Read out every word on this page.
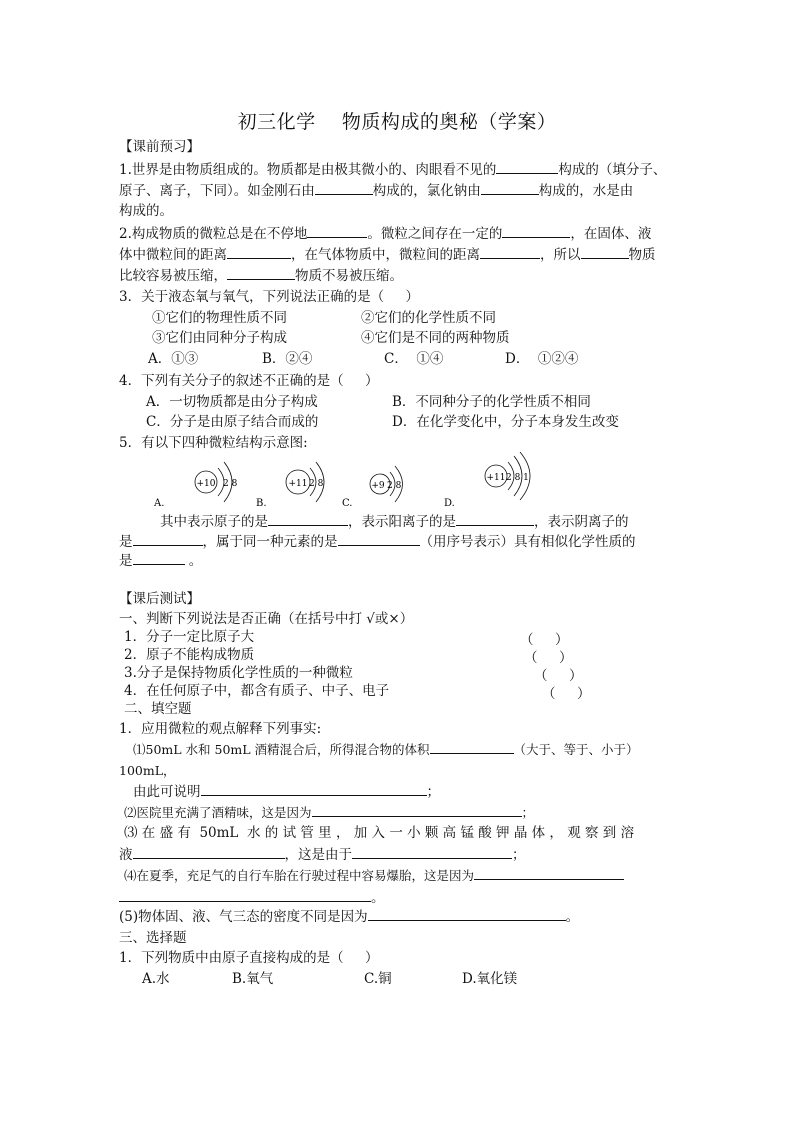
初三化学    物质构成的奥秘（学案）
【课前预习】
1.世界是由物质组成的。物质都是由极其微小的、肉眼看不见的	构成的（填分子、
原子、离子，下同）。如金刚石由	构成的，氯化钠由	构成的，水是由
构成的。
2.构成物质的微粒总是在不停地	。微粒之间存在一定的	，在固体、液
体中微粒间的距离	，在气体物质中，微粒间的距离	，所以	物质
比较容易被压缩，	物质不易被压缩。
3．关于液态氧与氧气，下列说法正确的是（     ）
①它们的物理性质不同	②它们的化学性质不同
③它们由同种分子构成	④它们是不同的两种物质
A．①③	B．②④	C．  ①④	D．  ①②④
4．下列有关分子的叙述不正确的是（     ）
A．一切物质都是由分子构成	B．不同种分子的化学性质不相同
C．分子是由原子结合而成的	D．在化学变化中，分子本身发生改变
5．有以下四种微粒结构示意图:
+10 2 8
A.
+11 2 8
B.
+9 2 8
C.
+11 2 8 1
D.
其中表示原子的是	，表示阳离子的是	，表示阴离子的
是	，属于同一种元素的是	（用序号表示）具有相似化学性质的
是	。
【课后测试】
一、判断下列说法是否正确（在括号中打 √或×）
1．分子一定比原子大	（     ）
2．原子不能构成物质	（     ）
3.分子是保持物质化学性质的一种微粒	（     ）
4．在任何原子中，都含有质子、中子、电子	（     ）
二、填空题
1．应用微粒的观点解释下列事实:
⑴50mL 水和 50mL 酒精混合后，所得混合物的体积	（大于、等于、小于）
100mL，
由此可说明	；
⑵医院里充满了酒精味，这是因为	；
⑶ 在 盛 有  50mL  水 的 试 管 里 ， 加 入 一 小 颗 高 锰 酸 钾 晶 体 ， 观 察 到 溶
液	，这是由于	；
⑷在夏季，充足气的自行车胎在行驶过程中容易爆胎，这是因为
。
(5)物体固、液、气三态的密度不同是因为	。
三、选择题
1．下列物质中由原子直接构成的是（     ）
A.水	B.氧气	C.铜	D.氧化镁
